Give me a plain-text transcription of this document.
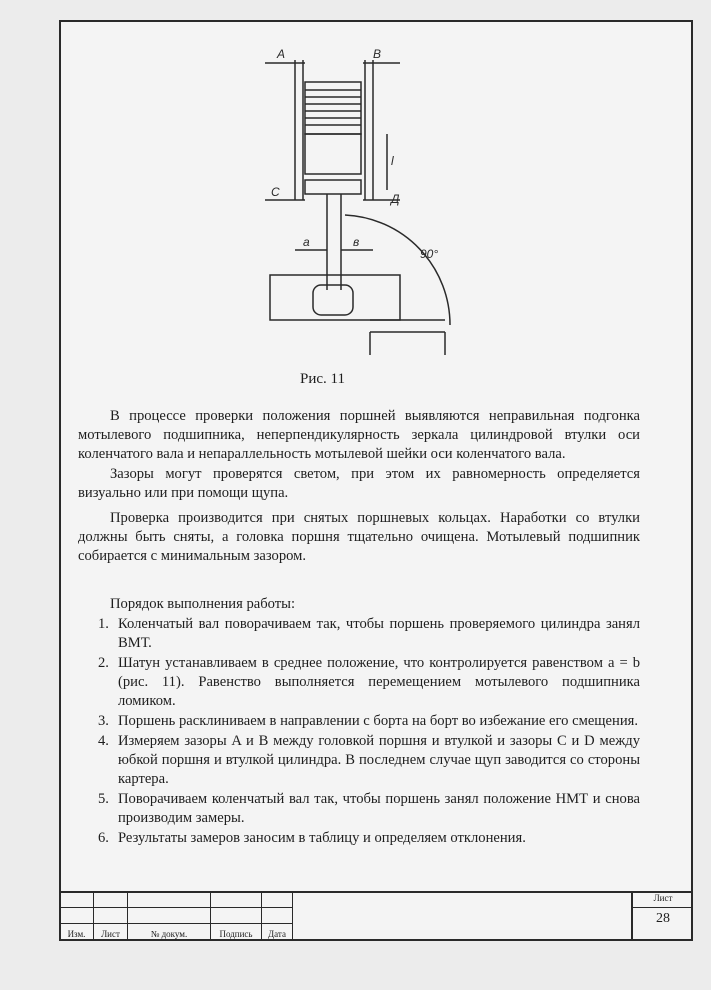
A	B
C	Д
a	в
l
90°
Рис. 11

В процессе проверки положения поршней выявляются неправильная подгонка мотылевого подшипника, неперпендикулярность зеркала цилиндровой втулки оси коленчатого вала и непараллельность мотылевой шейки оси коленчатого вала.

Зазоры могут проверятся светом, при этом их равномерность определяется визуально или при помощи щупа.

Проверка производится при снятых поршневых кольцах. Наработки со втулки должны быть сняты, а головка поршня тщательно очищена. Мотылевый подшипник собирается с минимальным зазором.

Порядок выполнения работы:
1. Коленчатый вал поворачиваем так, чтобы поршень проверяемого цилиндра занял ВМТ.
2. Шатун устанавливаем в среднее положение, что контролируется равенством a = b (рис. 11). Равенство выполняется перемещением мотылевого подшипника ломиком.
3. Поршень расклиниваем в направлении с борта на борт во избежание его смещения.
4. Измеряем зазоры A и B между головкой поршня и втулкой и зазоры C и D между юбкой поршня и втулкой цилиндра. В последнем случае щуп заводится со стороны картера.
5. Поворачиваем коленчатый вал так, чтобы поршень занял положение НМТ и снова производим замеры.
6. Результаты замеров заносим в таблицу и определяем отклонения.

Изм.	Лист	№ докум.	Подпись	Дата
Лист
28
